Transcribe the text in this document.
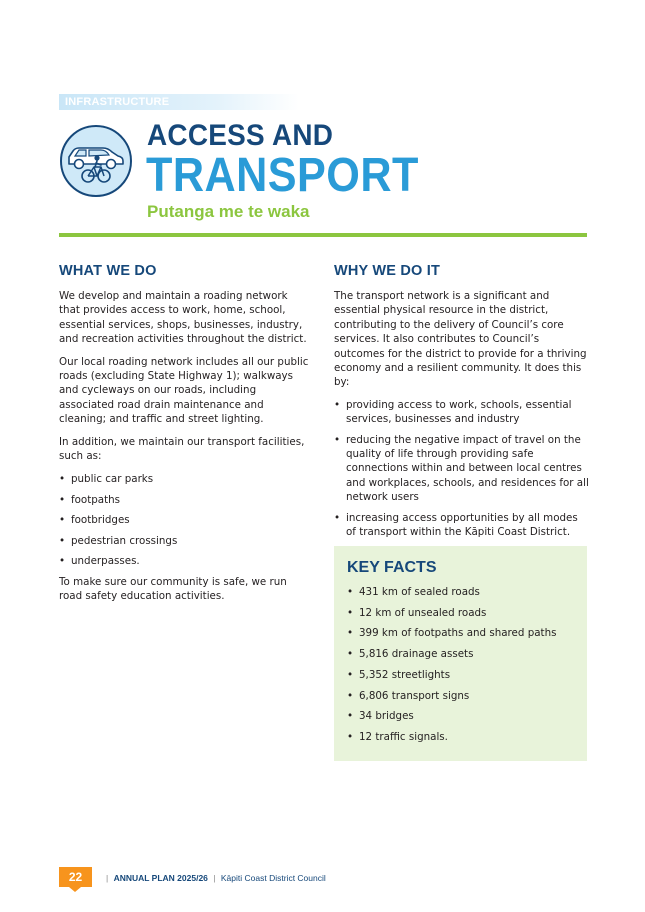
INFRASTRUCTURE
ACCESS AND
TRANSPORT
Putanga me te waka
WHAT WE DO

We develop and maintain a roading network that provides access to work, home, school, essential services, shops, businesses, industry, and recreation activities throughout the district.

Our local roading network includes all our public roads (excluding State Highway 1); walkways and cycleways on our roads, including associated road drain maintenance and cleaning; and traffic and street lighting.

In addition, we maintain our transport facilities, such as:

• public car parks
• footpaths
• footbridges
• pedestrian crossings
• underpasses.

To make sure our community is safe, we run road safety education activities.

WHY WE DO IT

The transport network is a significant and essential physical resource in the district, contributing to the delivery of Council’s core services. It also contributes to Council’s outcomes for the district to provide for a thriving economy and a resilient community. It does this by:

• providing access to work, schools, essential services, businesses and industry
• reducing the negative impact of travel on the quality of life through providing safe connections within and between local centres and workplaces, schools, and residences for all network users
• increasing access opportunities by all modes of transport within the Kāpiti Coast District.
KEY FACTS
• 431 km of sealed roads
• 12 km of unsealed roads
• 399 km of footpaths and shared paths
• 5,816 drainage assets
• 5,352 streetlights
• 6,806 transport signs
• 34 bridges
• 12 traffic signals.
22	| ANNUAL PLAN 2025/26 | Kāpiti Coast District Council
